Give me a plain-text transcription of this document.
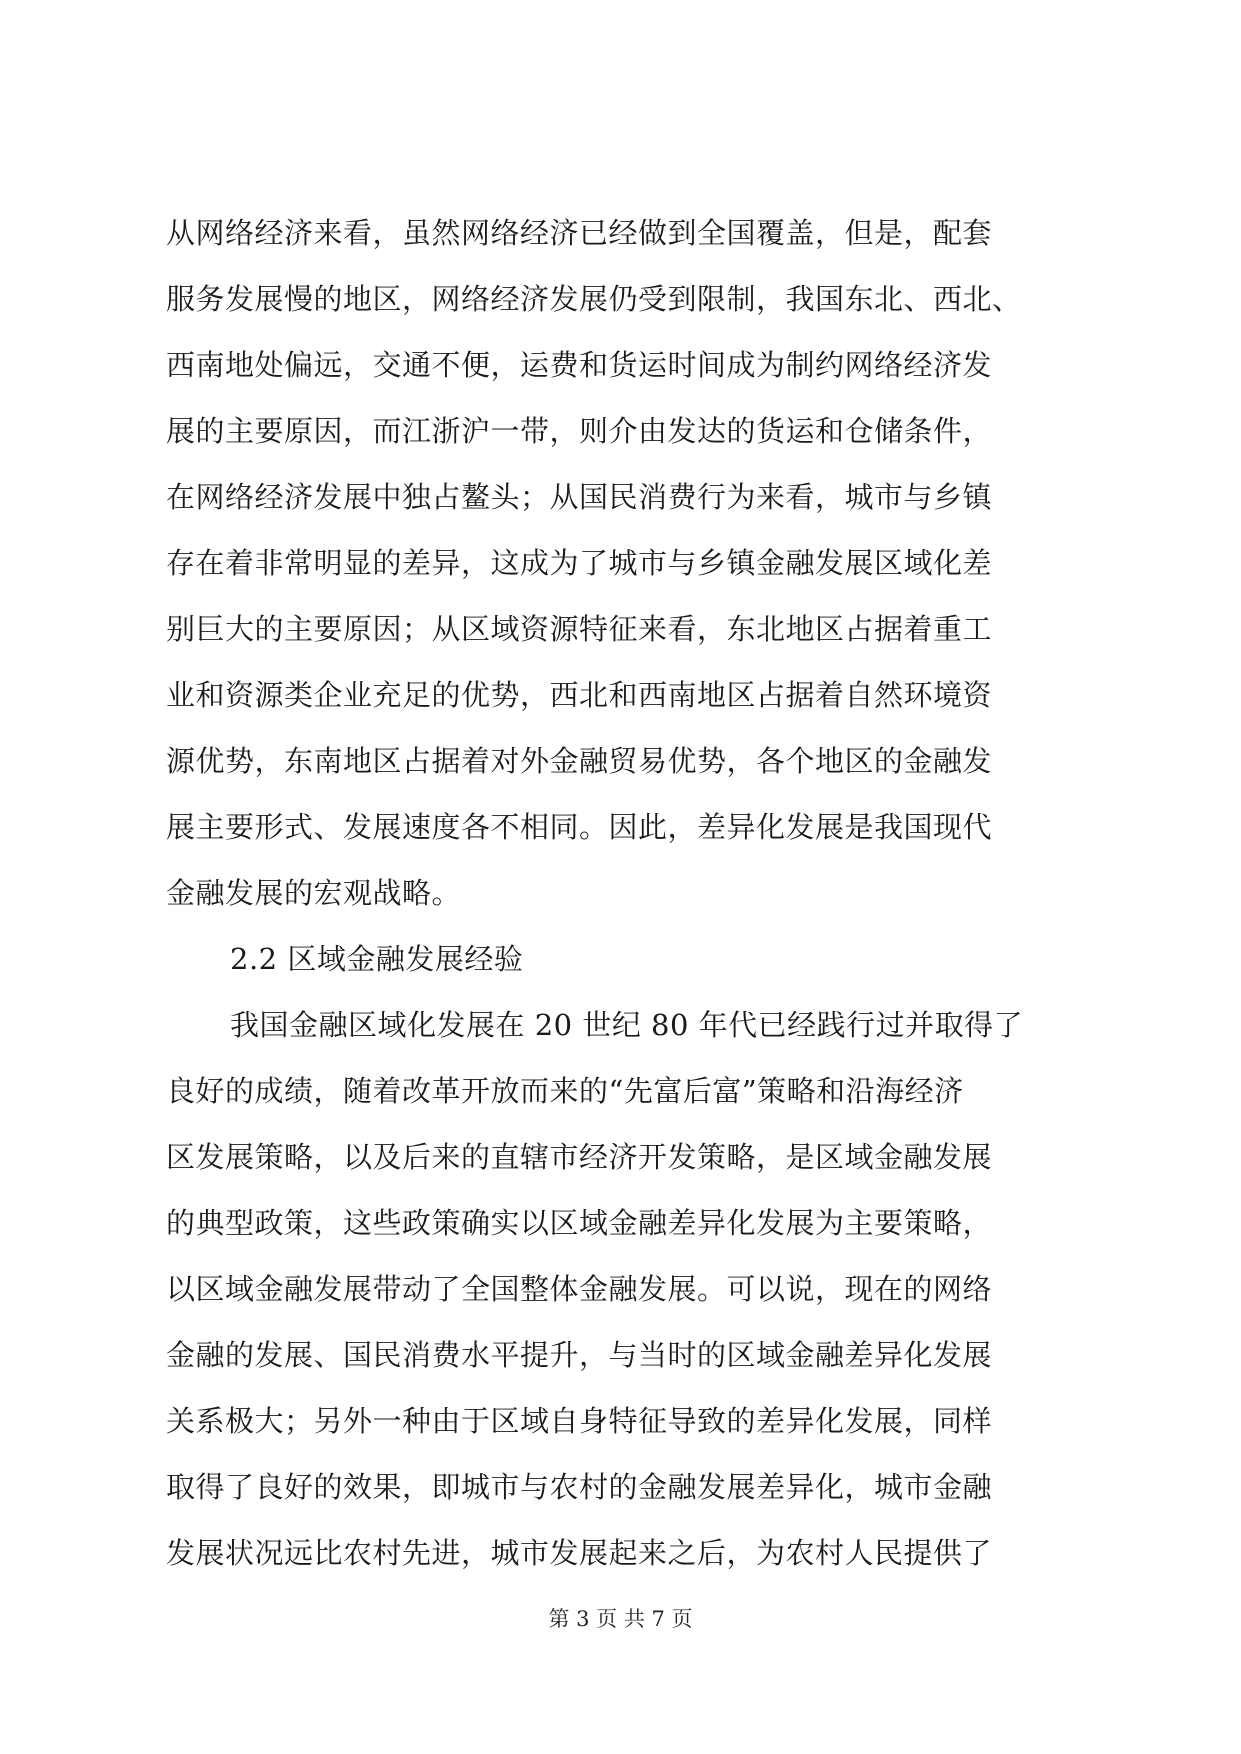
从网络经济来看，虽然网络经济已经做到全国覆盖，但是，配套
服务发展慢的地区，网络经济发展仍受到限制，我国东北、西北、
西南地处偏远，交通不便，运费和货运时间成为制约网络经济发
展的主要原因，而江浙沪一带，则介由发达的货运和仓储条件，
在网络经济发展中独占鳌头；从国民消费行为来看，城市与乡镇
存在着非常明显的差异，这成为了城市与乡镇金融发展区域化差
别巨大的主要原因；从区域资源特征来看，东北地区占据着重工
业和资源类企业充足的优势，西北和西南地区占据着自然环境资
源优势，东南地区占据着对外金融贸易优势，各个地区的金融发
展主要形式、发展速度各不相同。因此，差异化发展是我国现代
金融发展的宏观战略。
2.2 区域金融发展经验
我国金融区域化发展在 20 世纪 80 年代已经践行过并取得了
良好的成绩，随着改革开放而来的“先富后富”策略和沿海经济
区发展策略，以及后来的直辖市经济开发策略，是区域金融发展
的典型政策，这些政策确实以区域金融差异化发展为主要策略，
以区域金融发展带动了全国整体金融发展。可以说，现在的网络
金融的发展、国民消费水平提升，与当时的区域金融差异化发展
关系极大；另外一种由于区域自身特征导致的差异化发展，同样
取得了良好的效果，即城市与农村的金融发展差异化，城市金融
发展状况远比农村先进，城市发展起来之后，为农村人民提供了
第 3 页 共 7 页
